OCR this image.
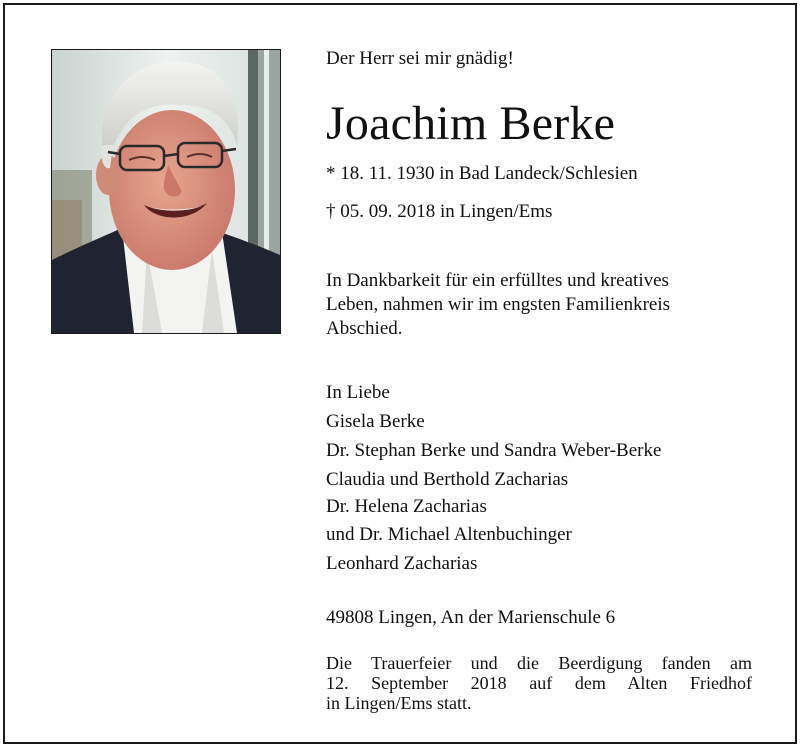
Der Herr sei mir gnädig!
Joachim Berke
* 18. 11. 1930 in Bad Landeck/Schlesien
† 05. 09. 2018 in Lingen/Ems
In Dankbarkeit für ein erfülltes und kreatives
Leben, nahmen wir im engsten Familienkreis
Abschied.
In Liebe
Gisela Berke
Dr. Stephan Berke und Sandra Weber-Berke
Claudia und Berthold Zacharias
Dr. Helena Zacharias
und Dr. Michael Altenbuchinger
Leonhard Zacharias
49808 Lingen, An der Marienschule 6
Die Trauerfeier und die Beerdigung fanden am
12. September 2018 auf dem Alten Friedhof
in Lingen/Ems statt.
